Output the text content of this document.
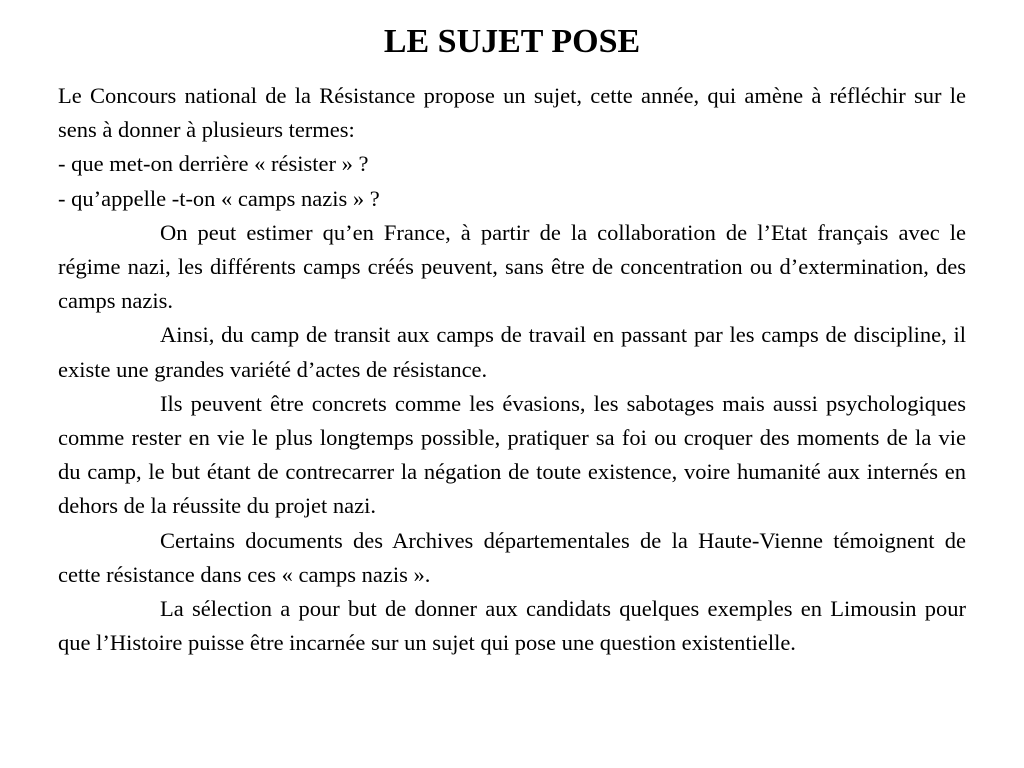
LE SUJET POSE

Le Concours national de la Résistance propose un sujet, cette année, qui amène à réfléchir sur le sens à donner à plusieurs termes:

- que met-on derrière « résister » ?

- qu’appelle -t-on « camps nazis » ?

On peut estimer qu’en France, à partir de la collaboration de l’Etat français avec le régime nazi, les différents camps créés peuvent, sans être de concentration ou d’extermination, des camps nazis.

Ainsi, du camp de transit aux camps de travail en passant par les camps de discipline, il existe une grandes variété d’actes de résistance.

Ils peuvent être concrets comme les évasions, les sabotages mais aussi psychologiques comme rester en vie le plus longtemps possible, pratiquer sa foi ou croquer des moments de la vie du camp, le but étant de contrecarrer la négation de toute existence, voire humanité aux internés en dehors de la réussite du projet nazi.

Certains documents des Archives départementales de la Haute-Vienne témoignent de cette résistance dans ces « camps nazis ».

La sélection a pour but de donner aux candidats quelques exemples en Limousin pour que l’Histoire puisse être incarnée sur un sujet qui pose une question existentielle.
